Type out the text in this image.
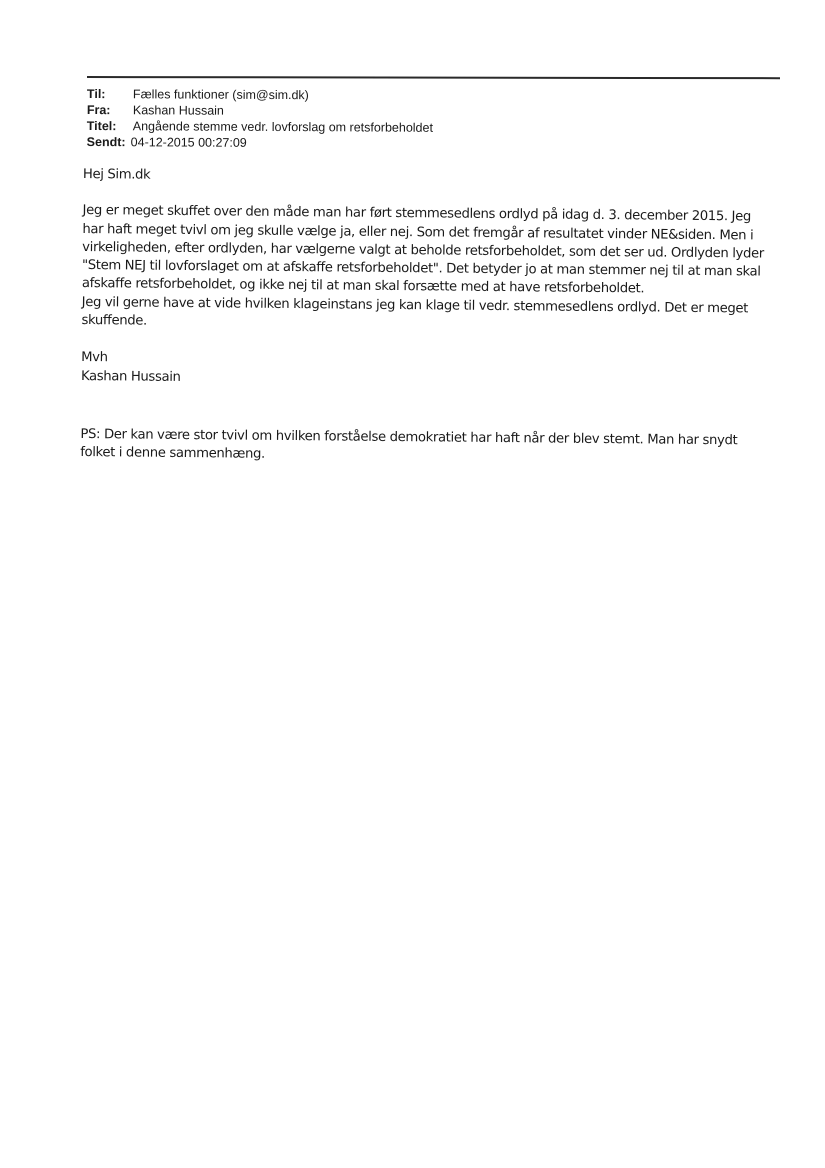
Til:	Fælles funktioner (sim@sim.dk)
Fra:	Kashan Hussain
Titel:	Angående stemme vedr. lovforslag om retsforbeholdet
Sendt: 04-12-2015 00:27:09
Hej Sim.dk
Jeg er meget skuffet over den måde man har ført stemmesedlens ordlyd på idag d. 3. december 2015. Jeg
har haft meget tvivl om jeg skulle vælge ja, eller nej. Som det fremgår af resultatet vinder NE&siden. Men i
virkeligheden, efter ordlyden, har vælgerne valgt at beholde retsforbeholdet, som det ser ud. Ordlyden lyder
"Stem NEJ til lovforslaget om at afskaffe retsforbeholdet". Det betyder jo at man stemmer nej til at man skal
afskaffe retsforbeholdet, og ikke nej til at man skal forsætte med at have retsforbeholdet.
Jeg vil gerne have at vide hvilken klageinstans jeg kan klage til vedr. stemmesedlens ordlyd. Det er meget
skuffende.
Mvh
Kashan Hussain
PS: Der kan være stor tvivl om hvilken forståelse demokratiet har haft når der blev stemt. Man har snydt
folket i denne sammenhæng.
